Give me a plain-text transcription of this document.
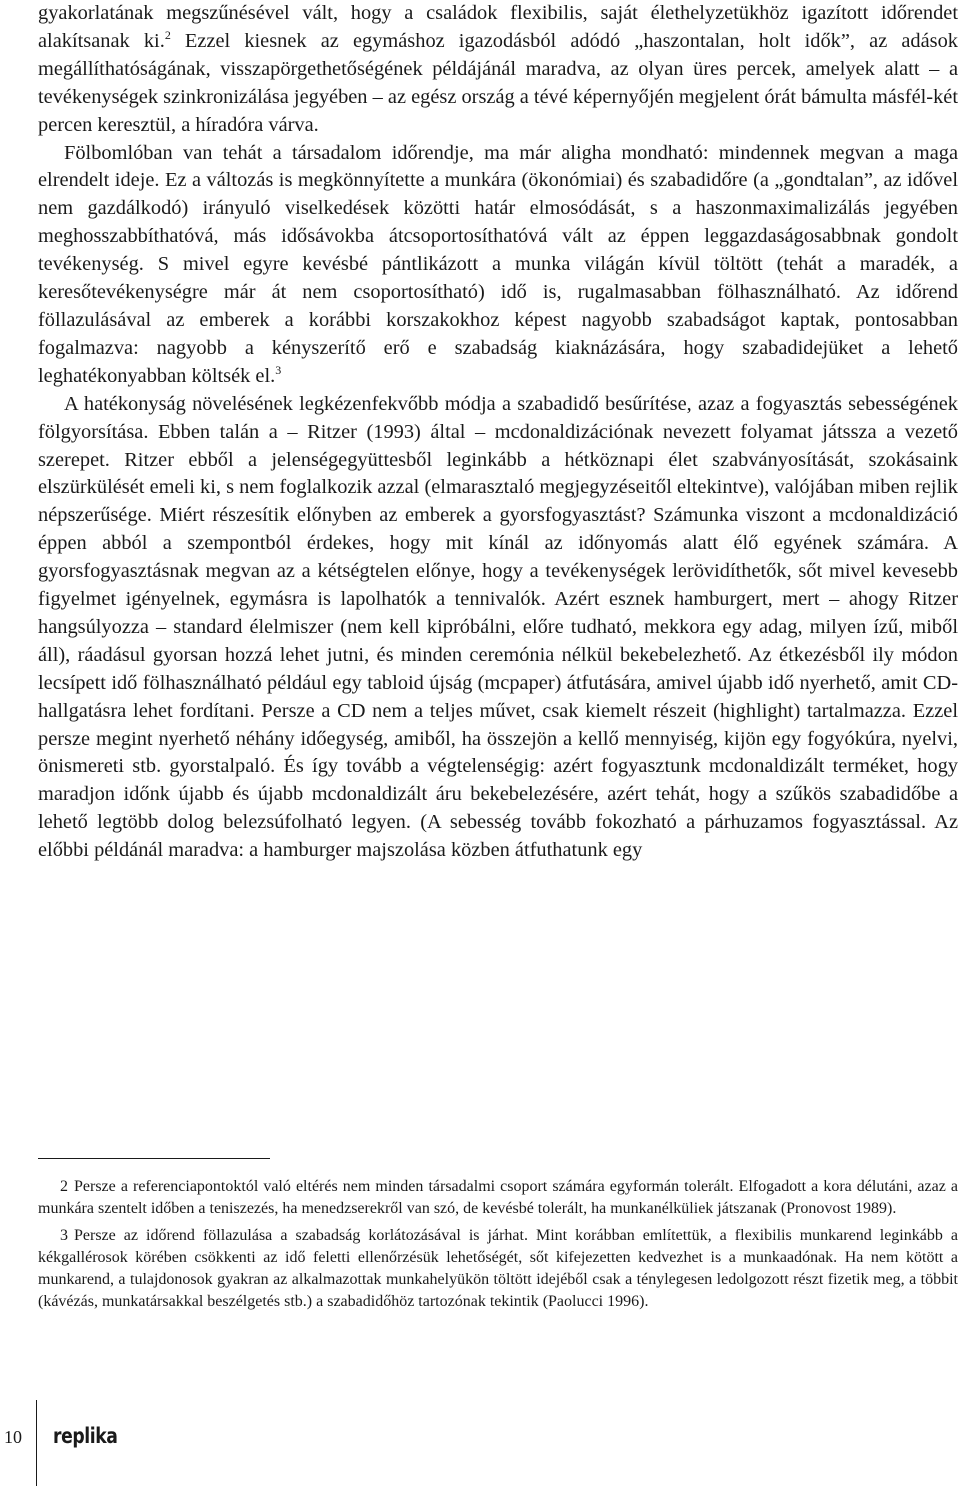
gyakorlatának megszűnésével vált, hogy a családok flexibilis, saját élethelyzetükhöz igazított időrendet alakítsanak ki.$^2$ Ezzel kiesnek az egymáshoz igazodásból adódó „haszontalan, holt idők”, az adások megállíthatóságának, visszapörgethetőségének példájánál maradva, az olyan üres percek, amelyek alatt – a tevékenységek szinkronizálása jegyében – az egész ország a tévé képernyőjén megjelent órát bámulta másfél-két percen keresztül, a híradóra várva.

Fölbomlóban van tehát a társadalom időrendje, ma már aligha mondható: mindennek megvan a maga elrendelt ideje. Ez a változás is megkönnyítette a munkára (ökonómiai) és szabadidőre (a „gondtalan”, az idővel nem gazdálkodó) irányuló viselkedések közötti határ elmosódását, s a haszonmaximalizálás jegyében meghosszabbíthatóvá, más idősávokba átcsoportosíthatóvá vált az éppen leggazdaságosabbnak gondolt tevékenység. S mivel egyre kevésbé pántlikázott a munka világán kívül töltött (tehát a maradék, a keresőtevékenységre már át nem csoportosítható) idő is, rugalmasabban fölhasználható. Az időrend föllazulásával az emberek a korábbi korszakokhoz képest nagyobb szabadságot kaptak, pontosabban fogalmazva: nagyobb a kényszerítő erő e szabadság kiaknázására, hogy szabadidejüket a lehető leghatékonyabban költsék el.$^3$

A hatékonyság növelésének legkézenfekvőbb módja a szabadidő besűrítése, azaz a fogyasztás sebességének fölgyorsítása. Ebben talán a – Ritzer (1993) által – mcdonaldizációnak nevezett folyamat játssza a vezető szerepet. Ritzer ebből a jelenségegyüttesből leginkább a hétköznapi élet szabványosítását, szokásaink elszürkülését emeli ki, s nem foglalkozik azzal (elmarasztaló megjegyzéseitől eltekintve), valójában miben rejlik népszerűsége. Miért részesítik előnyben az emberek a gyorsfogyasztást? Számunka viszont a mcdonaldizáció éppen abból a szempontból érdekes, hogy mit kínál az időnyomás alatt élő egyének számára. A gyorsfogyasztásnak megvan az a kétségtelen előnye, hogy a tevékenységek lerövidíthetők, sőt mivel kevesebb figyelmet igényelnek, egymásra is lapolhatók a tennivalók. Azért esznek hamburgert, mert – ahogy Ritzer hangsúlyozza – standard élelmiszer (nem kell kipróbálni, előre tudható, mekkora egy adag, milyen ízű, miből áll), ráadásul gyorsan hozzá lehet jutni, és minden ceremónia nélkül bekebelezhető. Az étkezésből ily módon lecsípett idő fölhasználható például egy tabloid újság (mcpaper) átfutására, amivel újabb idő nyerhető, amit CD-hallgatásra lehet fordítani. Persze a CD nem a teljes művet, csak kiemelt részeit (highlight) tartalmazza. Ezzel persze megint nyerhető néhány időegység, amiből, ha összejön a kellő mennyiség, kijön egy fogyókúra, nyelvi, önismereti stb. gyorstalpaló. És így tovább a végtelenségig: azért fogyasztunk mcdonaldizált terméket, hogy maradjon időnk újabb és újabb mcdonaldizált áru bekebelezésére, azért tehát, hogy a szűkös szabadidőbe a lehető legtöbb dolog belezsúfolható legyen. (A sebesség tovább fokozható a párhuzamos fogyasztással. Az előbbi példánál maradva: a hamburger majszolása közben átfuthatunk egy

2 Persze a referenciapontoktól való eltérés nem minden társadalmi csoport számára egyformán tolerált. Elfogadott a kora délutáni, azaz a munkára szentelt időben a teniszezés, ha menedzserekről van szó, de kevésbé tolerált, ha munkanélküliek játszanak (Pronovost 1989).

3 Persze az időrend föllazulása a szabadság korlátozásával is járhat. Mint korábban említettük, a flexibilis munkarend leginkább a kékgallérosok körében csökkenti az idő feletti ellenőrzésük lehetőségét, sőt kifejezetten kedvezhet is a munkaadónak. Ha nem kötött a munkarend, a tulajdonosok gyakran az alkalmazottak munkahelyükön töltött idejéből csak a ténylegesen ledolgozott részt fizetik meg, a többit (kávézás, munkatársakkal beszélgetés stb.) a szabadidőhöz tartozónak tekintik (Paolucci 1996).

10 replika
